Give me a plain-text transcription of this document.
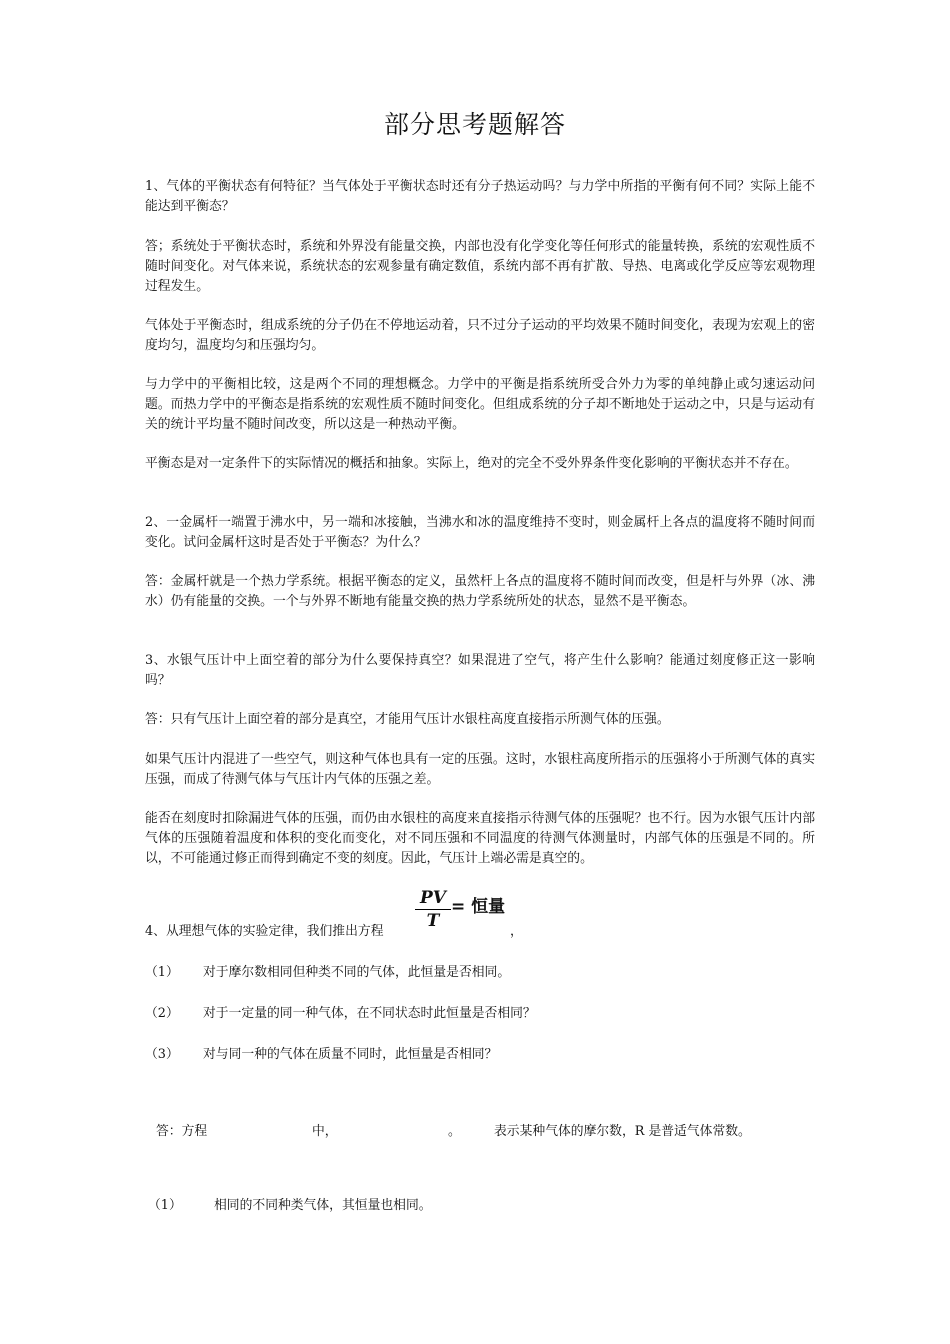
部分思考题解答

1、气体的平衡状态有何特征？当气体处于平衡状态时还有分子热运动吗？与力学中所指的平衡有何不同？实际上能不能达到平衡态？

答；系统处于平衡状态时，系统和外界没有能量交换，内部也没有化学变化等任何形式的能量转换，系统的宏观性质不随时间变化。对气体来说，系统状态的宏观参量有确定数值，系统内部不再有扩散、导热、电离或化学反应等宏观物理过程发生。

气体处于平衡态时，组成系统的分子仍在不停地运动着，只不过分子运动的平均效果不随时间变化，表现为宏观上的密度均匀，温度均匀和压强均匀。

与力学中的平衡相比较，这是两个不同的理想概念。力学中的平衡是指系统所受合外力为零的单纯静止或匀速运动问题。而热力学中的平衡态是指系统的宏观性质不随时间变化。但组成系统的分子却不断地处于运动之中，只是与运动有关的统计平均量不随时间改变，所以这是一种热动平衡。

平衡态是对一定条件下的实际情况的概括和抽象。实际上，绝对的完全不受外界条件变化影响的平衡状态并不存在。

2、一金属杆一端置于沸水中，另一端和冰接触，当沸水和冰的温度维持不变时，则金属杆上各点的温度将不随时间而变化。试问金属杆这时是否处于平衡态？为什么？

答：金属杆就是一个热力学系统。根据平衡态的定义，虽然杆上各点的温度将不随时间而改变，但是杆与外界（冰、沸水）仍有能量的交换。一个与外界不断地有能量交换的热力学系统所处的状态，显然不是平衡态。

3、水银气压计中上面空着的部分为什么要保持真空？如果混进了空气，将产生什么影响？能通过刻度修正这一影响吗？

答：只有气压计上面空着的部分是真空，才能用气压计水银柱高度直接指示所测气体的压强。

如果气压计内混进了一些空气，则这种气体也具有一定的压强。这时，水银柱高度所指示的压强将小于所测气体的真实压强，而成了待测气体与气压计内气体的压强之差。

能否在刻度时扣除漏进气体的压强，而仍由水银柱的高度来直接指示待测气体的压强呢？也不行。因为水银气压计内部气体的压强随着温度和体积的变化而变化，对不同压强和不同温度的待测气体测量时，内部气体的压强是不同的。所以，不可能通过修正而得到确定不变的刻度。因此，气压计上端必需是真空的。

4、从理想气体的实验定律，我们推出方程
PV
T
= 恒量
，
（1） 对于摩尔数相同但种类不同的气体，此恒量是否相同。
（2） 对于一定量的同一种气体，在不同状态时此恒量是否相同？
（3） 对与同一种的气体在质量不同时，此恒量是否相同？
答：方程	中，	。	表示某种气体的摩尔数，R 是普适气体常数。
（1）	相同的不同种类气体，其恒量也相同。
